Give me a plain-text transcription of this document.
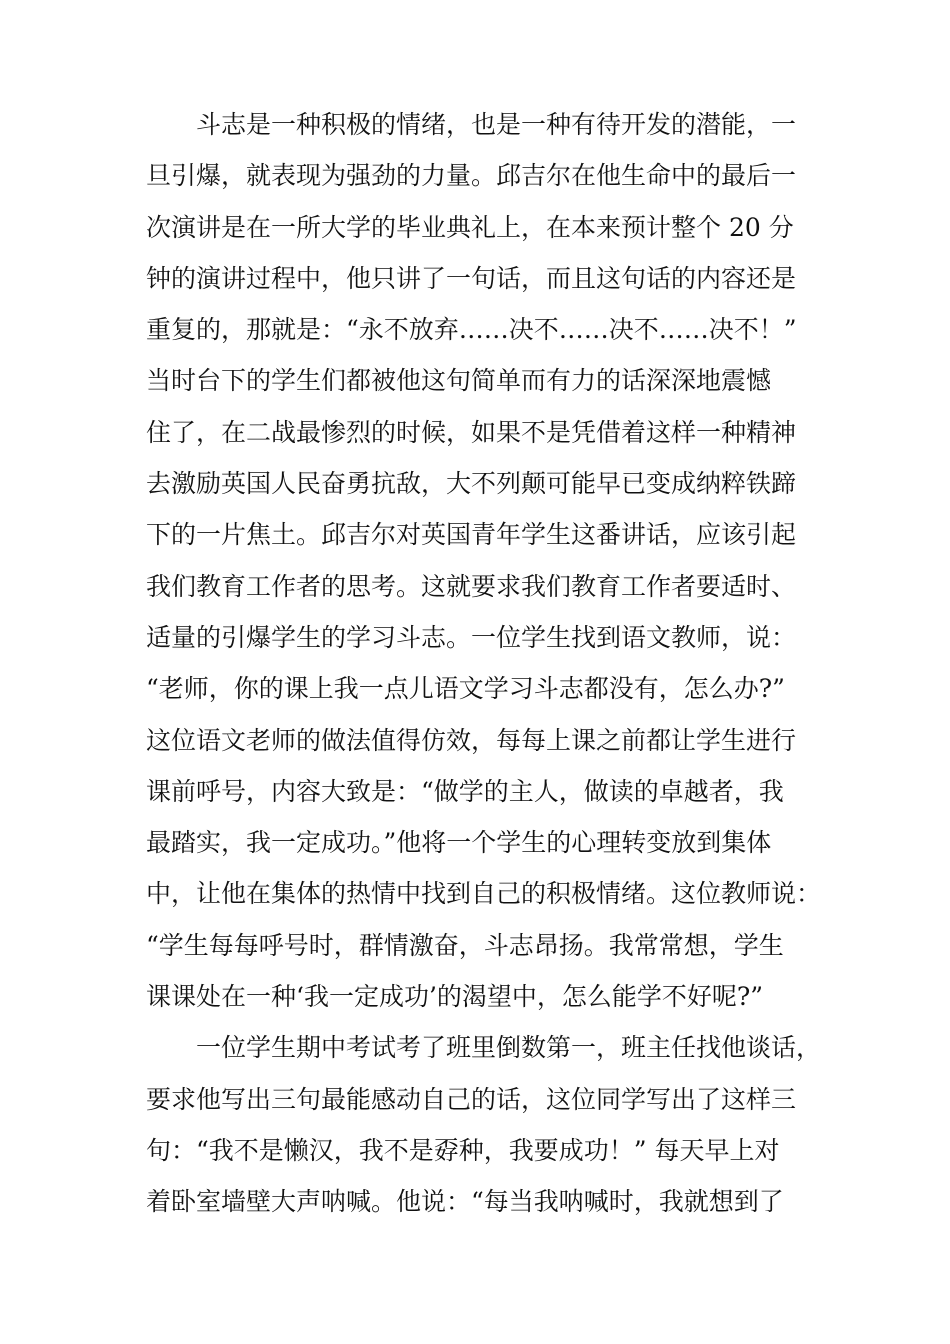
斗志是一种积极的情绪，也是一种有待开发的潜能，一
旦引爆，就表现为强劲的力量。邱吉尔在他生命中的最后一
次演讲是在一所大学的毕业典礼上，在本来预计整个 20 分
钟的演讲过程中，他只讲了一句话，而且这句话的内容还是
重复的，那就是：“永不放弃……决不……决不……决不！”
当时台下的学生们都被他这句简单而有力的话深深地震憾
住了，在二战最惨烈的时候，如果不是凭借着这样一种精神
去激励英国人民奋勇抗敌，大不列颠可能早已变成纳粹铁蹄
下的一片焦土。邱吉尔对英国青年学生这番讲话，应该引起
我们教育工作者的思考。这就要求我们教育工作者要适时、
适量的引爆学生的学习斗志。一位学生找到语文教师，说：
“老师，你的课上我一点儿语文学习斗志都没有，怎么办?”
这位语文老师的做法值得仿效，每每上课之前都让学生进行
课前呼号，内容大致是：“做学的主人，做读的卓越者，我
最踏实，我一定成功。”他将一个学生的心理转变放到集体
中，让他在集体的热情中找到自己的积极情绪。这位教师说：
“学生每每呼号时，群情激奋，斗志昂扬。我常常想，学生
课课处在一种‘我一定成功’的渴望中，怎么能学不好呢?”
一位学生期中考试考了班里倒数第一，班主任找他谈话，
要求他写出三句最能感动自己的话，这位同学写出了这样三
句：“我不是懒汉，我不是孬种，我要成功！” 每天早上对
着卧室墙壁大声呐喊。他说：“每当我呐喊时，我就想到了
